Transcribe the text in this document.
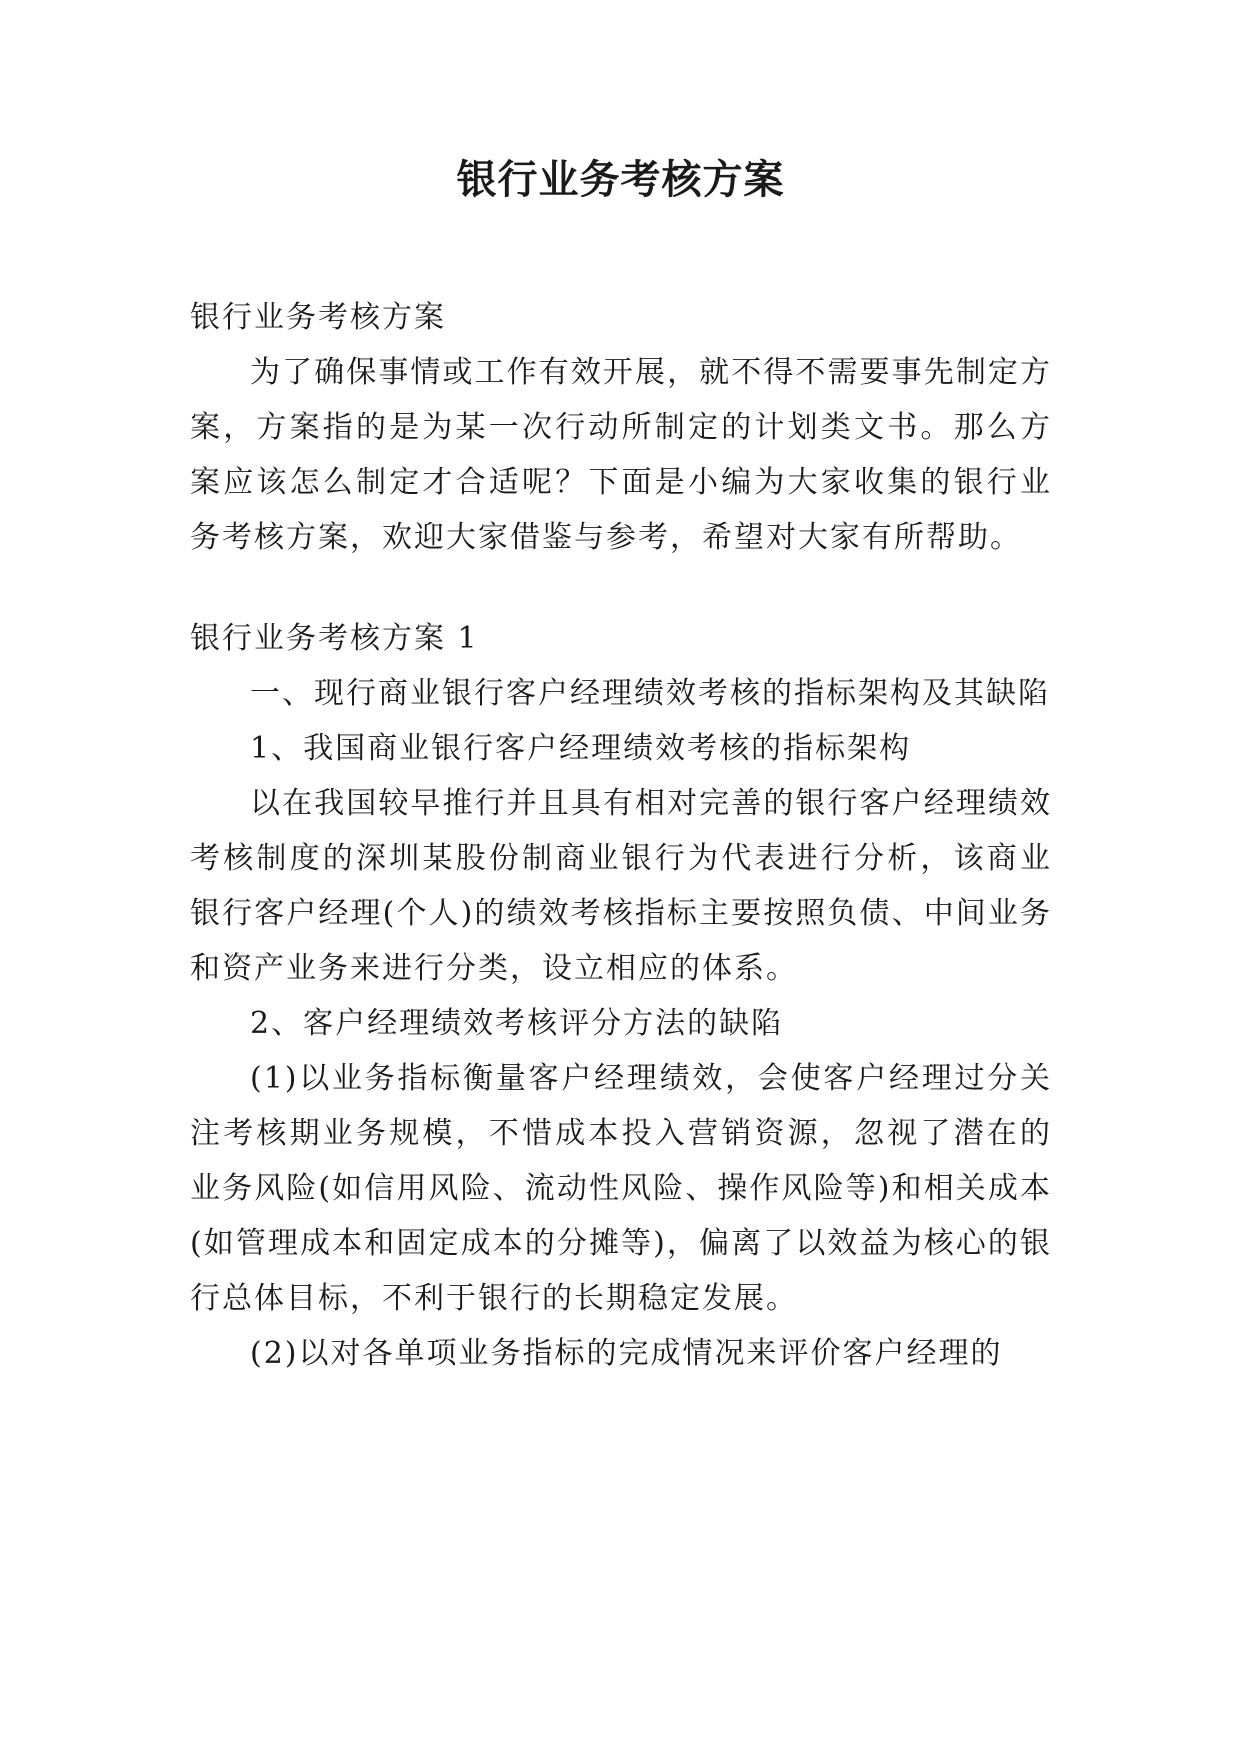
银行业务考核方案

银行业务考核方案

为了确保事情或工作有效开展，就不得不需要事先制定方案，方案指的是为某一次行动所制定的计划类文书。那么方案应该怎么制定才合适呢？下面是小编为大家收集的银行业务考核方案，欢迎大家借鉴与参考，希望对大家有所帮助。

银行业务考核方案 1

一、现行商业银行客户经理绩效考核的指标架构及其缺陷

1、我国商业银行客户经理绩效考核的指标架构

以在我国较早推行并且具有相对完善的银行客户经理绩效考核制度的深圳某股份制商业银行为代表进行分析，该商业银行客户经理(个人)的绩效考核指标主要按照负债、中间业务和资产业务来进行分类，设立相应的体系。

2、客户经理绩效考核评分方法的缺陷

(1)以业务指标衡量客户经理绩效，会使客户经理过分关注考核期业务规模，不惜成本投入营销资源，忽视了潜在的业务风险(如信用风险、流动性风险、操作风险等)和相关成本(如管理成本和固定成本的分摊等)，偏离了以效益为核心的银行总体目标，不利于银行的长期稳定发展。

(2)以对各单项业务指标的完成情况来评价客户经理的
